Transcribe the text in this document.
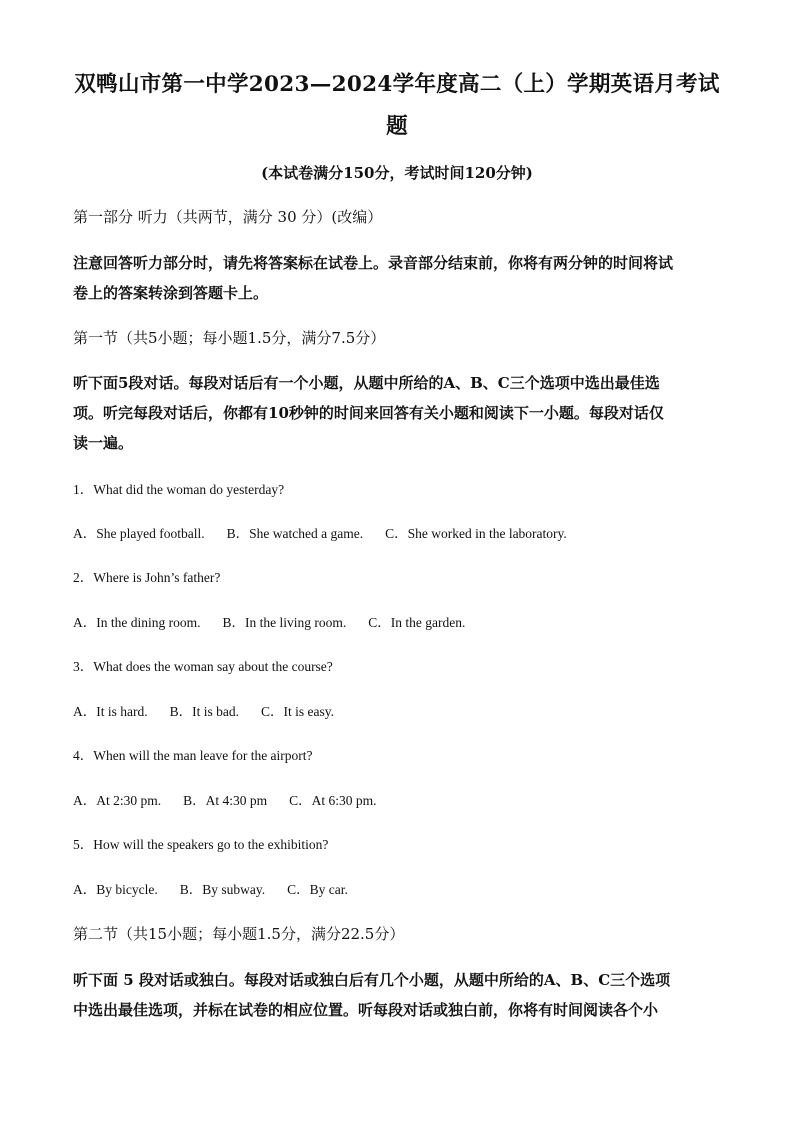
双鸭山市第一中学2023—2024学年度高二（上）学期英语月考试
题
(本试卷满分150分，考试时间120分钟)
第一部分 听力（共两节，满分 30 分）(改编）
注意回答听力部分时，请先将答案标在试卷上。录音部分结束前，你将有两分钟的时间将试
卷上的答案转涂到答题卡上。
第一节（共5小题；每小题1.5分，满分7.5分）
听下面5段对话。每段对话后有一个小题，从题中所给的A、B、C三个选项中选出最佳选
项。听完每段对话后，你都有10秒钟的时间来回答有关小题和阅读下一小题。每段对话仅
读一遍。
1．What did the woman do yesterday?
A．She played football. B．She watched a game. C．She worked in the laboratory.
2．Where is John’s father?
A．In the dining room. B．In the living room. C．In the garden.
3．What does the woman say about the course?
A．It is hard. B．It is bad. C．It is easy.
4．When will the man leave for the airport?
A．At 2:30 pm. B．At 4:30 pm C．At 6:30 pm.
5．How will the speakers go to the exhibition?
A．By bicycle. B．By subway. C．By car.
第二节（共15小题；每小题1.5分，满分22.5分）
听下面 5 段对话或独白。每段对话或独白后有几个小题，从题中所给的A、B、C三个选项
中选出最佳选项，并标在试卷的相应位置。听每段对话或独白前，你将有时间阅读各个小
